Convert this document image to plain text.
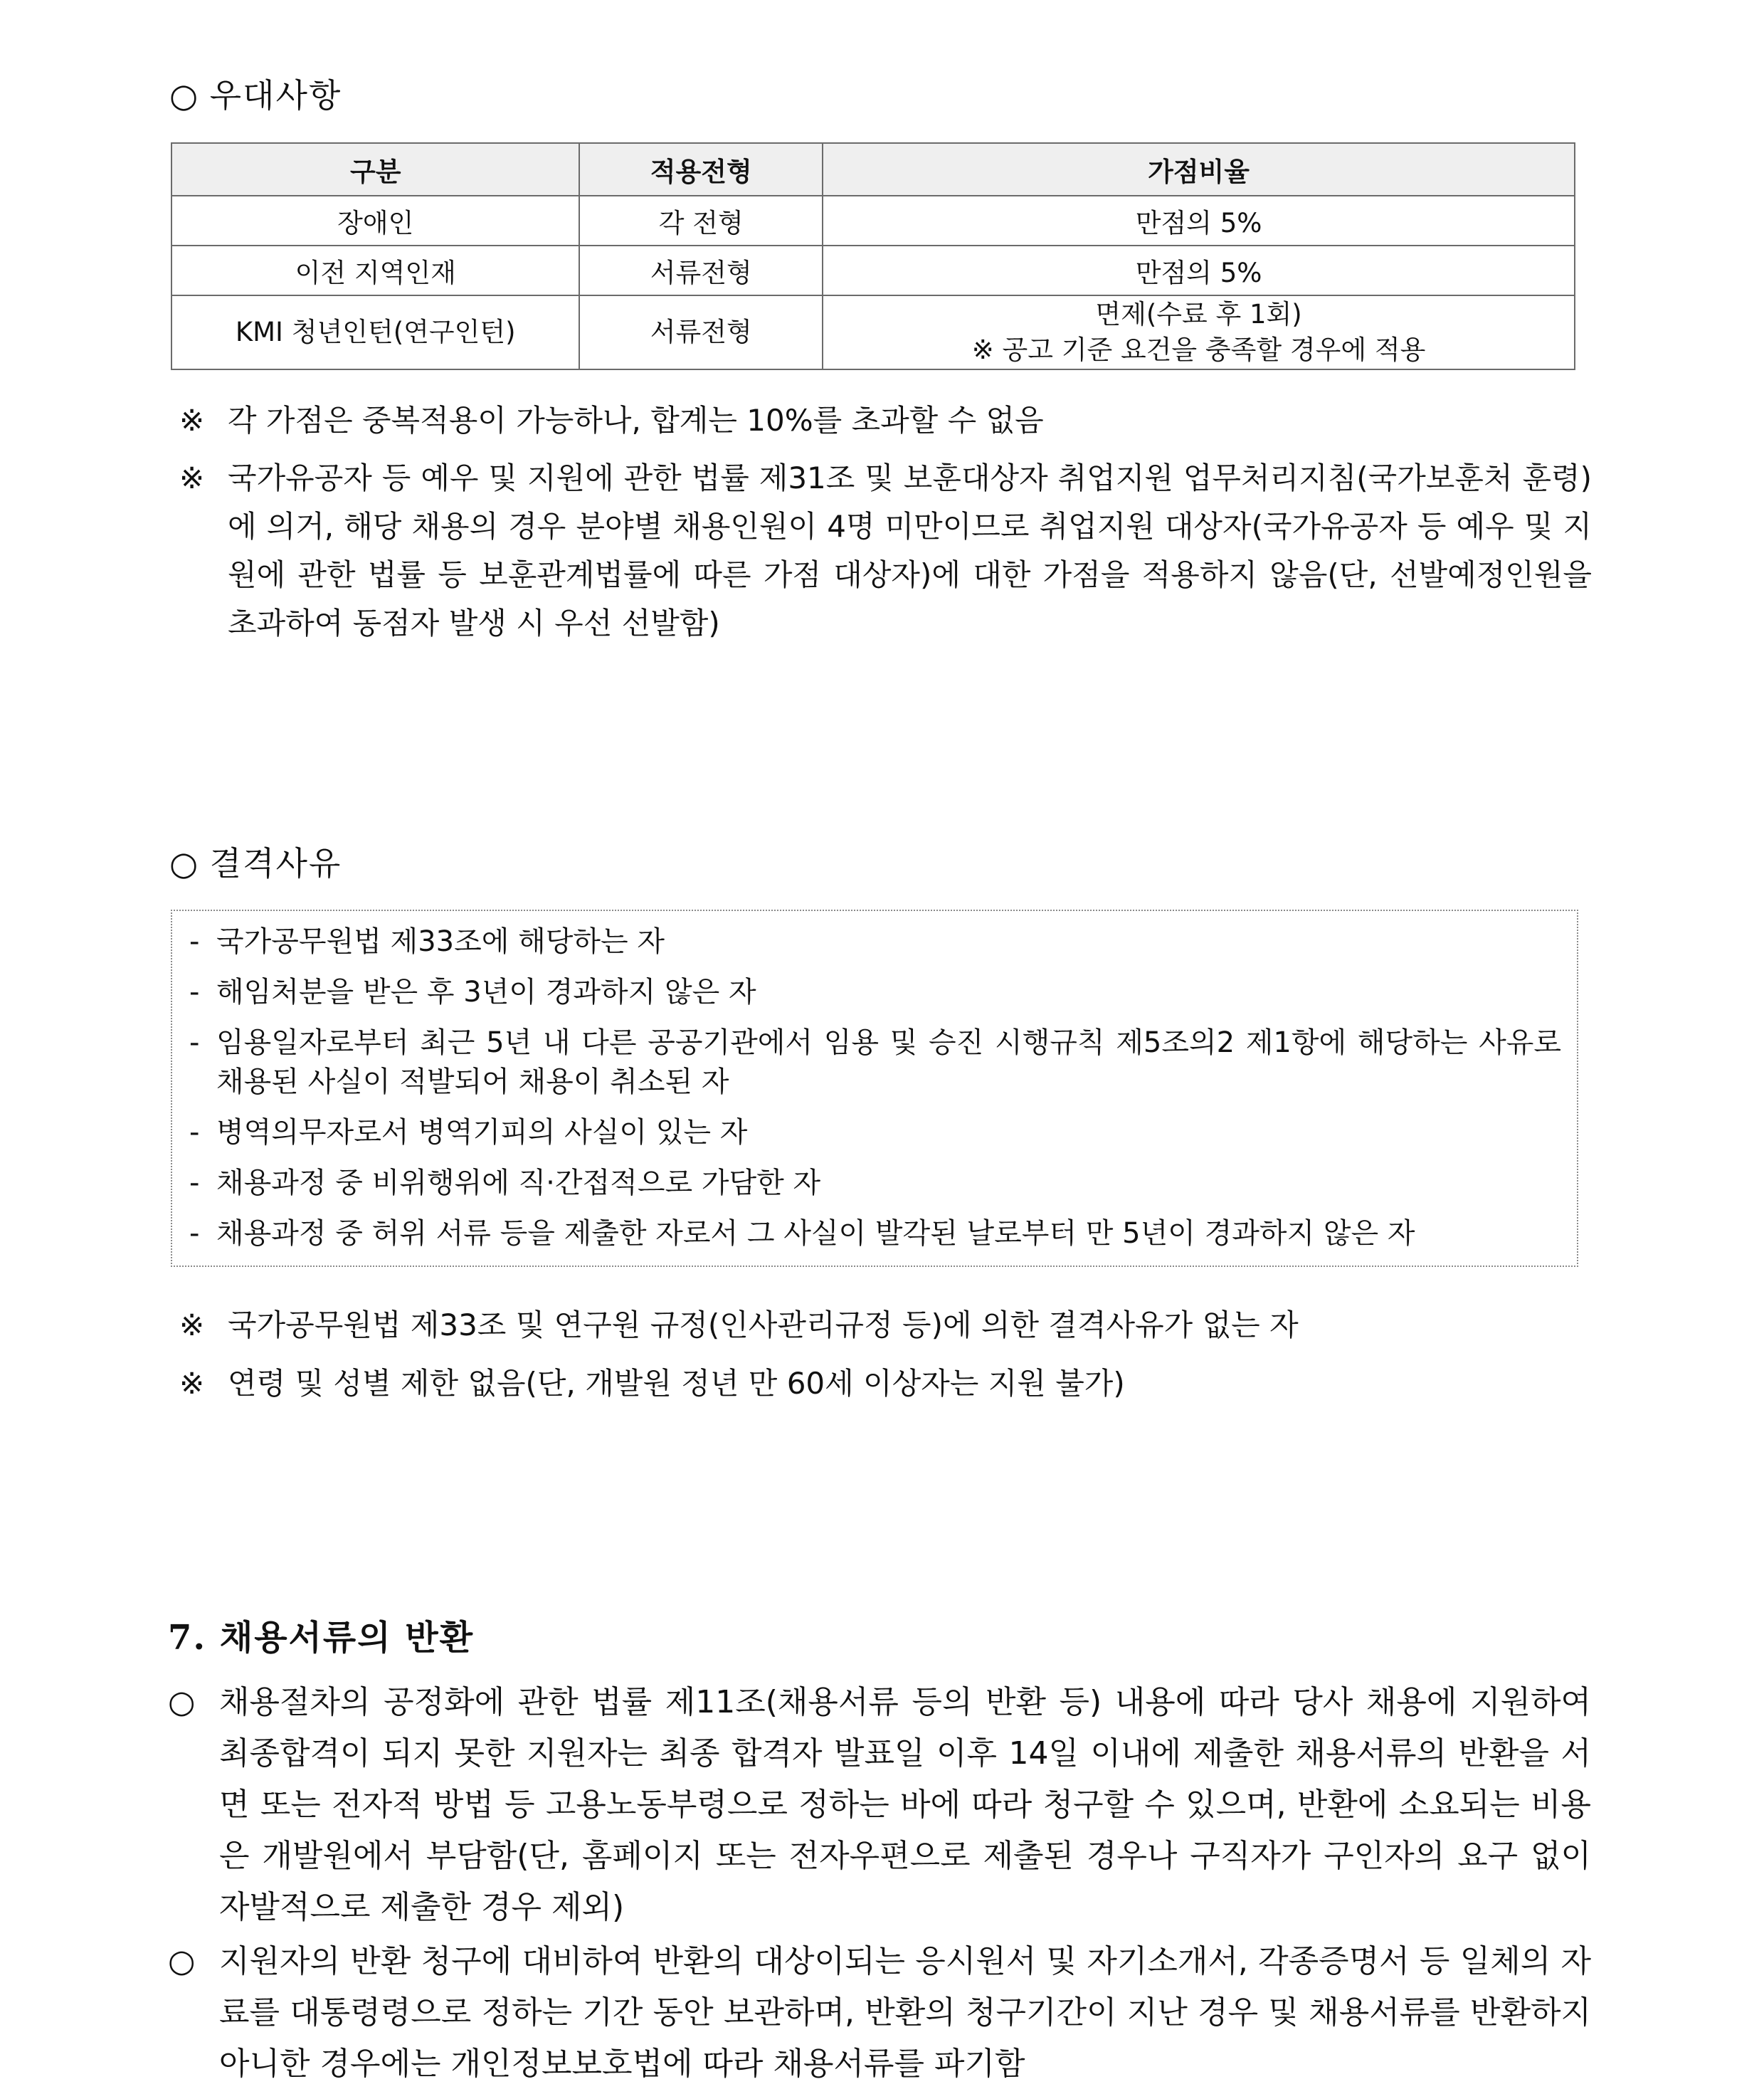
○ 우대사항
구분	적용전형	가점비율
장애인	각 전형	만점의 5%
이전 지역인재	서류전형	만점의 5%
KMI 청년인턴(연구인턴)	서류전형	면제(수료 후 1회)
※ 공고 기준 요건을 충족할 경우에 적용
※ 각 가점은 중복적용이 가능하나, 합계는 10%를 초과할 수 없음
※ 국가유공자 등 예우 및 지원에 관한 법률 제31조 및 보훈대상자 취업지원 업무처리지침(국가보훈처 훈령)에 의거, 해당 채용의 경우 분야별 채용인원이 4명 미만이므로 취업지원 대상자(국가유공자 등 예우 및 지원에 관한 법률 등 보훈관계법률에 따른 가점 대상자)에 대한 가점을 적용하지 않음(단, 선발예정인원을 초과하여 동점자 발생 시 우선 선발함)
○ 결격사유
- 국가공무원법 제33조에 해당하는 자
- 해임처분을 받은 후 3년이 경과하지 않은 자
- 임용일자로부터 최근 5년 내 다른 공공기관에서 임용 및 승진 시행규칙 제5조의2 제1항에 해당하는 사유로 채용된 사실이 적발되어 채용이 취소된 자
- 병역의무자로서 병역기피의 사실이 있는 자
- 채용과정 중 비위행위에 직·간접적으로 가담한 자
- 채용과정 중 허위 서류 등을 제출한 자로서 그 사실이 발각된 날로부터 만 5년이 경과하지 않은 자
※ 국가공무원법 제33조 및 연구원 규정(인사관리규정 등)에 의한 결격사유가 없는 자
※ 연령 및 성별 제한 없음(단, 개발원 정년 만 60세 이상자는 지원 불가)
7. 채용서류의 반환
○ 채용절차의 공정화에 관한 법률 제11조(채용서류 등의 반환 등) 내용에 따라 당사 채용에 지원하여 최종합격이 되지 못한 지원자는 최종 합격자 발표일 이후 14일 이내에 제출한 채용서류의 반환을 서면 또는 전자적 방법 등 고용노동부령으로 정하는 바에 따라 청구할 수 있으며, 반환에 소요되는 비용은 개발원에서 부담함(단, 홈페이지 또는 전자우편으로 제출된 경우나 구직자가 구인자의 요구 없이 자발적으로 제출한 경우 제외)
○ 지원자의 반환 청구에 대비하여 반환의 대상이되는 응시원서 및 자기소개서, 각종증명서 등 일체의 자료를 대통령령으로 정하는 기간 동안 보관하며, 반환의 청구기간이 지난 경우 및 채용서류를 반환하지 아니한 경우에는 개인정보보호법에 따라 채용서류를 파기함
